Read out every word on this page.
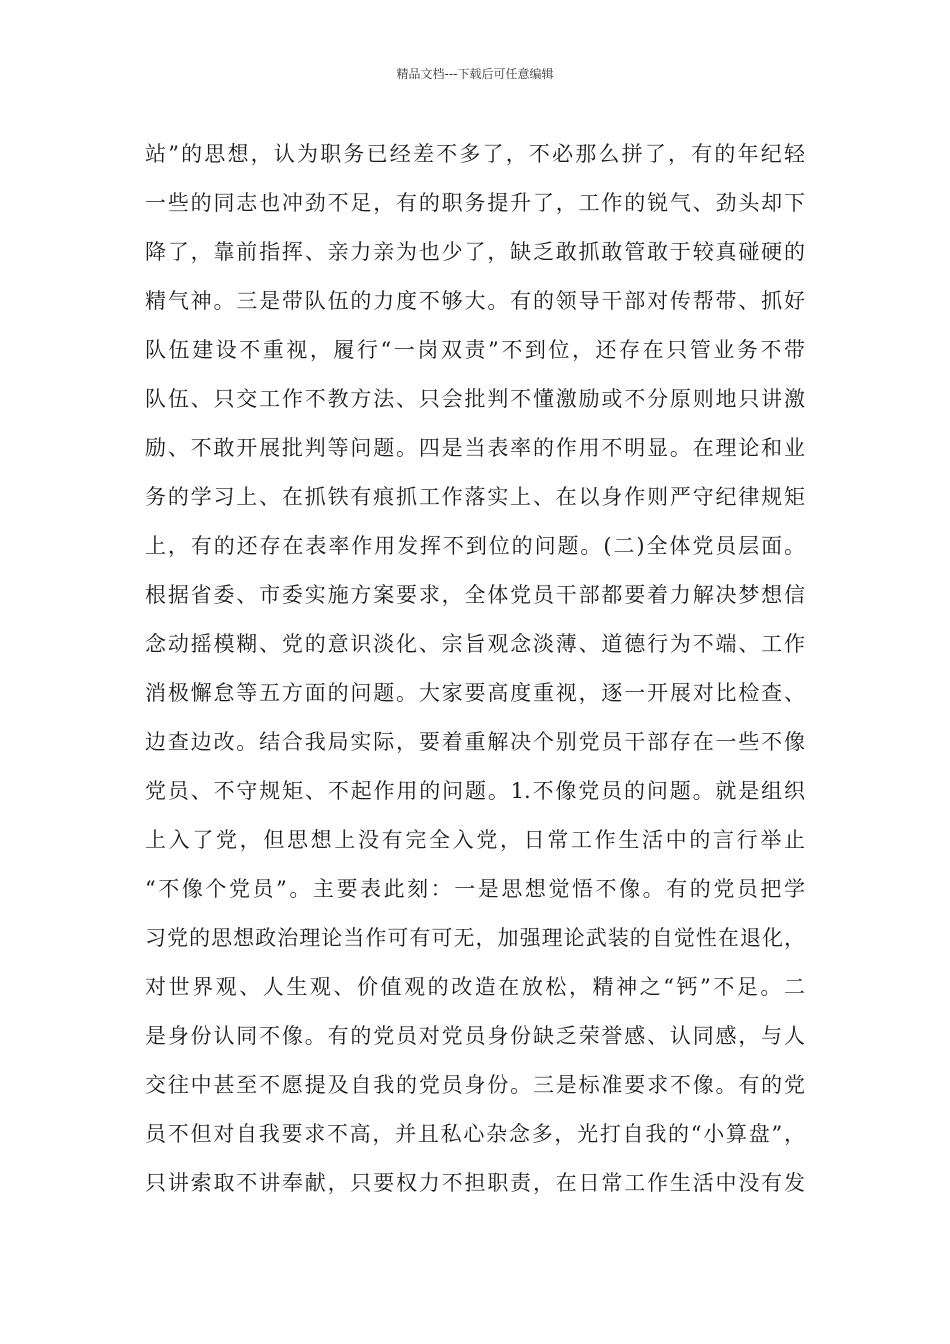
精品文档---下载后可任意编辑
站”的思想，认为职务已经差不多了，不必那么拼了，有的年纪轻
一些的同志也冲劲不足，有的职务提升了，工作的锐气、劲头却下
降了，靠前指挥、亲力亲为也少了，缺乏敢抓敢管敢于较真碰硬的
精气神。三是带队伍的力度不够大。有的领导干部对传帮带、抓好
队伍建设不重视，履行“一岗双责”不到位，还存在只管业务不带
队伍、只交工作不教方法、只会批判不懂激励或不分原则地只讲激
励、不敢开展批判等问题。四是当表率的作用不明显。在理论和业
务的学习上、在抓铁有痕抓工作落实上、在以身作则严守纪律规矩
上，有的还存在表率作用发挥不到位的问题。(二)全体党员层面。
根据省委、市委实施方案要求，全体党员干部都要着力解决梦想信
念动摇模糊、党的意识淡化、宗旨观念淡薄、道德行为不端、工作
消极懈怠等五方面的问题。大家要高度重视，逐一开展对比检查、
边查边改。结合我局实际，要着重解决个别党员干部存在一些不像
党员、不守规矩、不起作用的问题。1.不像党员的问题。就是组织
上入了党，但思想上没有完全入党，日常工作生活中的言行举止
“不像个党员”。主要表此刻：一是思想觉悟不像。有的党员把学
习党的思想政治理论当作可有可无，加强理论武装的自觉性在退化，
对世界观、人生观、价值观的改造在放松，精神之“钙”不足。二
是身份认同不像。有的党员对党员身份缺乏荣誉感、认同感，与人
交往中甚至不愿提及自我的党员身份。三是标准要求不像。有的党
员不但对自我要求不高，并且私心杂念多，光打自我的“小算盘”，
只讲索取不讲奉献，只要权力不担职责，在日常工作生活中没有发
